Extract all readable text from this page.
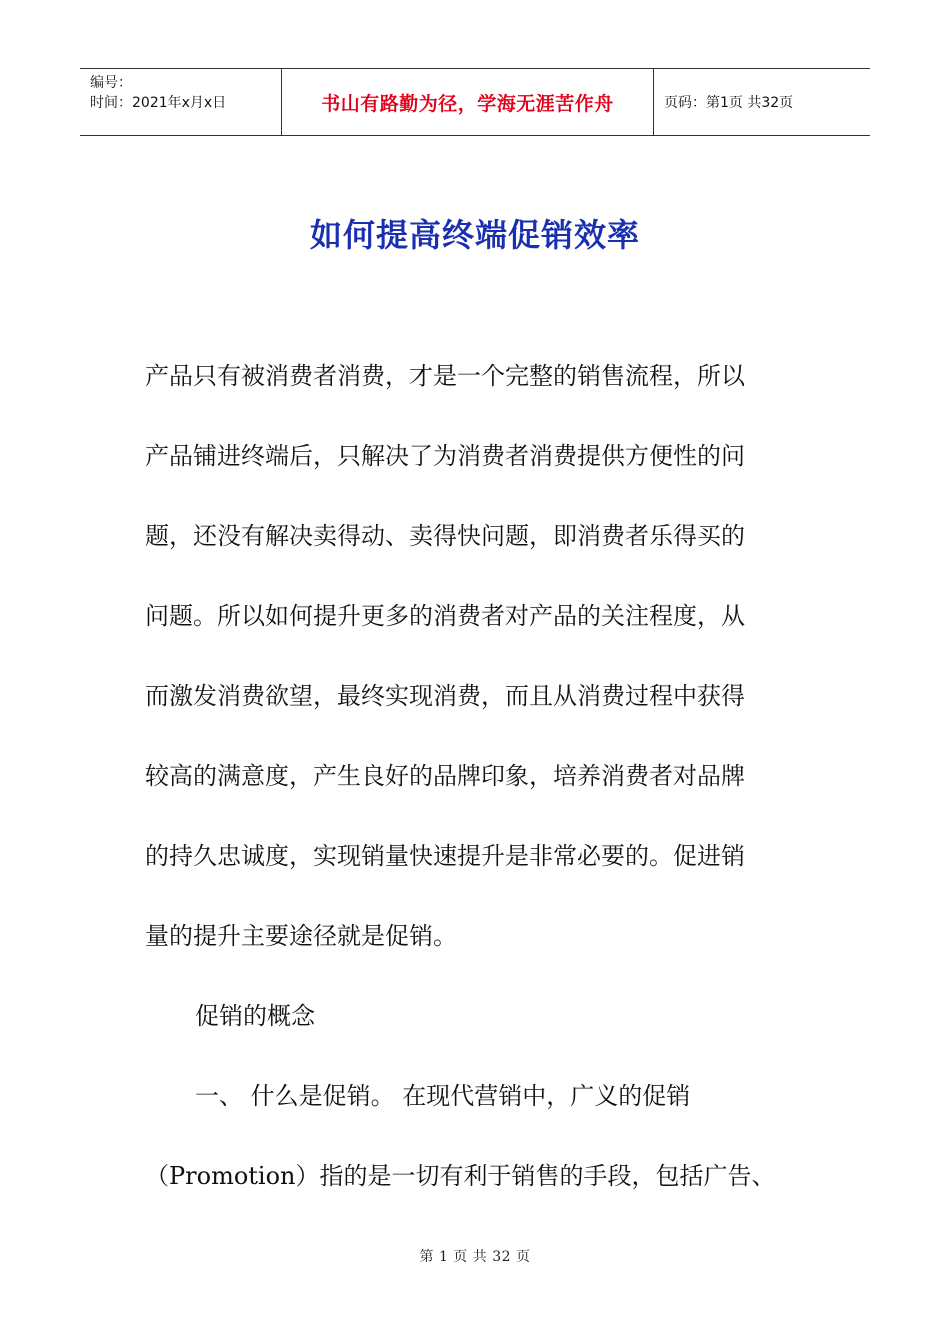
编号：
时间：2021年x月x日	书山有路勤为径，学海无涯苦作舟	页码：第1页 共32页
如何提高终端促销效率
产品只有被消费者消费，才是一个完整的销售流程，所以
产品铺进终端后，只解决了为消费者消费提供方便性的问
题，还没有解决卖得动、卖得快问题，即消费者乐得买的
问题。所以如何提升更多的消费者对产品的关注程度，从
而激发消费欲望，最终实现消费，而且从消费过程中获得
较高的满意度，产生良好的品牌印象，培养消费者对品牌
的持久忠诚度，实现销量快速提升是非常必要的。促进销
量的提升主要途径就是促销。
促销的概念
一、 什么是促销。 在现代营销中，广义的促销
（Promotion）指的是一切有利于销售的手段，包括广告、
第 1 页 共 32 页
